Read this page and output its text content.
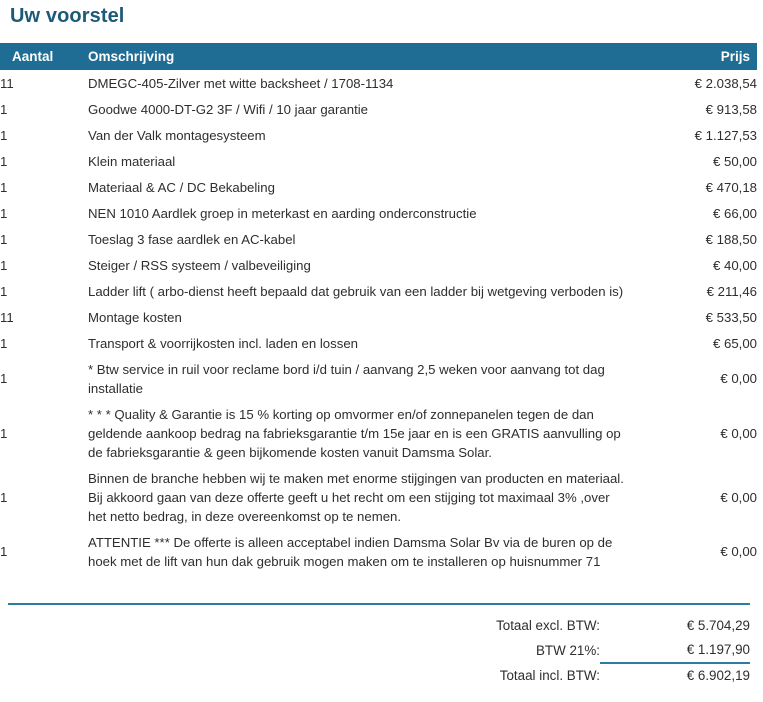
Uw voorstel
Aantal	Omschrijving	Prijs
11	DMEGC-405-Zilver met witte backsheet / 1708-1134	€ 2.038,54
1	Goodwe 4000-DT-G2 3F / Wifi / 10 jaar garantie	€ 913,58
1	Van der Valk montagesysteem	€ 1.127,53
1	Klein materiaal	€ 50,00
1	Materiaal & AC / DC Bekabeling	€ 470,18
1	NEN 1010 Aardlek groep in meterkast en aarding onderconstructie	€ 66,00
1	Toeslag 3 fase aardlek en AC-kabel	€ 188,50
1	Steiger / RSS systeem / valbeveiliging	€ 40,00
1	Ladder lift ( arbo-dienst heeft bepaald dat gebruik van een ladder bij wetgeving verboden is)	€ 211,46
11	Montage kosten	€ 533,50
1	Transport & voorrijkosten incl. laden en lossen	€ 65,00
1	* Btw service in ruil voor reclame bord i/d tuin / aanvang 2,5 weken voor aanvang tot dag installatie	€ 0,00
1	* * * Quality & Garantie is 15 % korting op omvormer en/of zonnepanelen tegen de dan geldende aankoop bedrag na fabrieksgarantie t/m 15e jaar en is een GRATIS aanvulling op de fabrieksgarantie & geen bijkomende kosten vanuit Damsma Solar.	€ 0,00
1	Binnen de branche hebben wij te maken met enorme stijgingen van producten en materiaal. Bij akkoord gaan van deze offerte geeft u het recht om een stijging tot maximaal 3% ,over het netto bedrag, in deze overeenkomst op te nemen.	€ 0,00
1	ATTENTIE *** De offerte is alleen acceptabel indien Damsma Solar Bv via de buren op de hoek met de lift van hun dak gebruik mogen maken om te installeren op huisnummer 71	€ 0,00
Totaal excl. BTW:	€ 5.704,29
BTW 21%:	€ 1.197,90
Totaal incl. BTW:	€ 6.902,19
